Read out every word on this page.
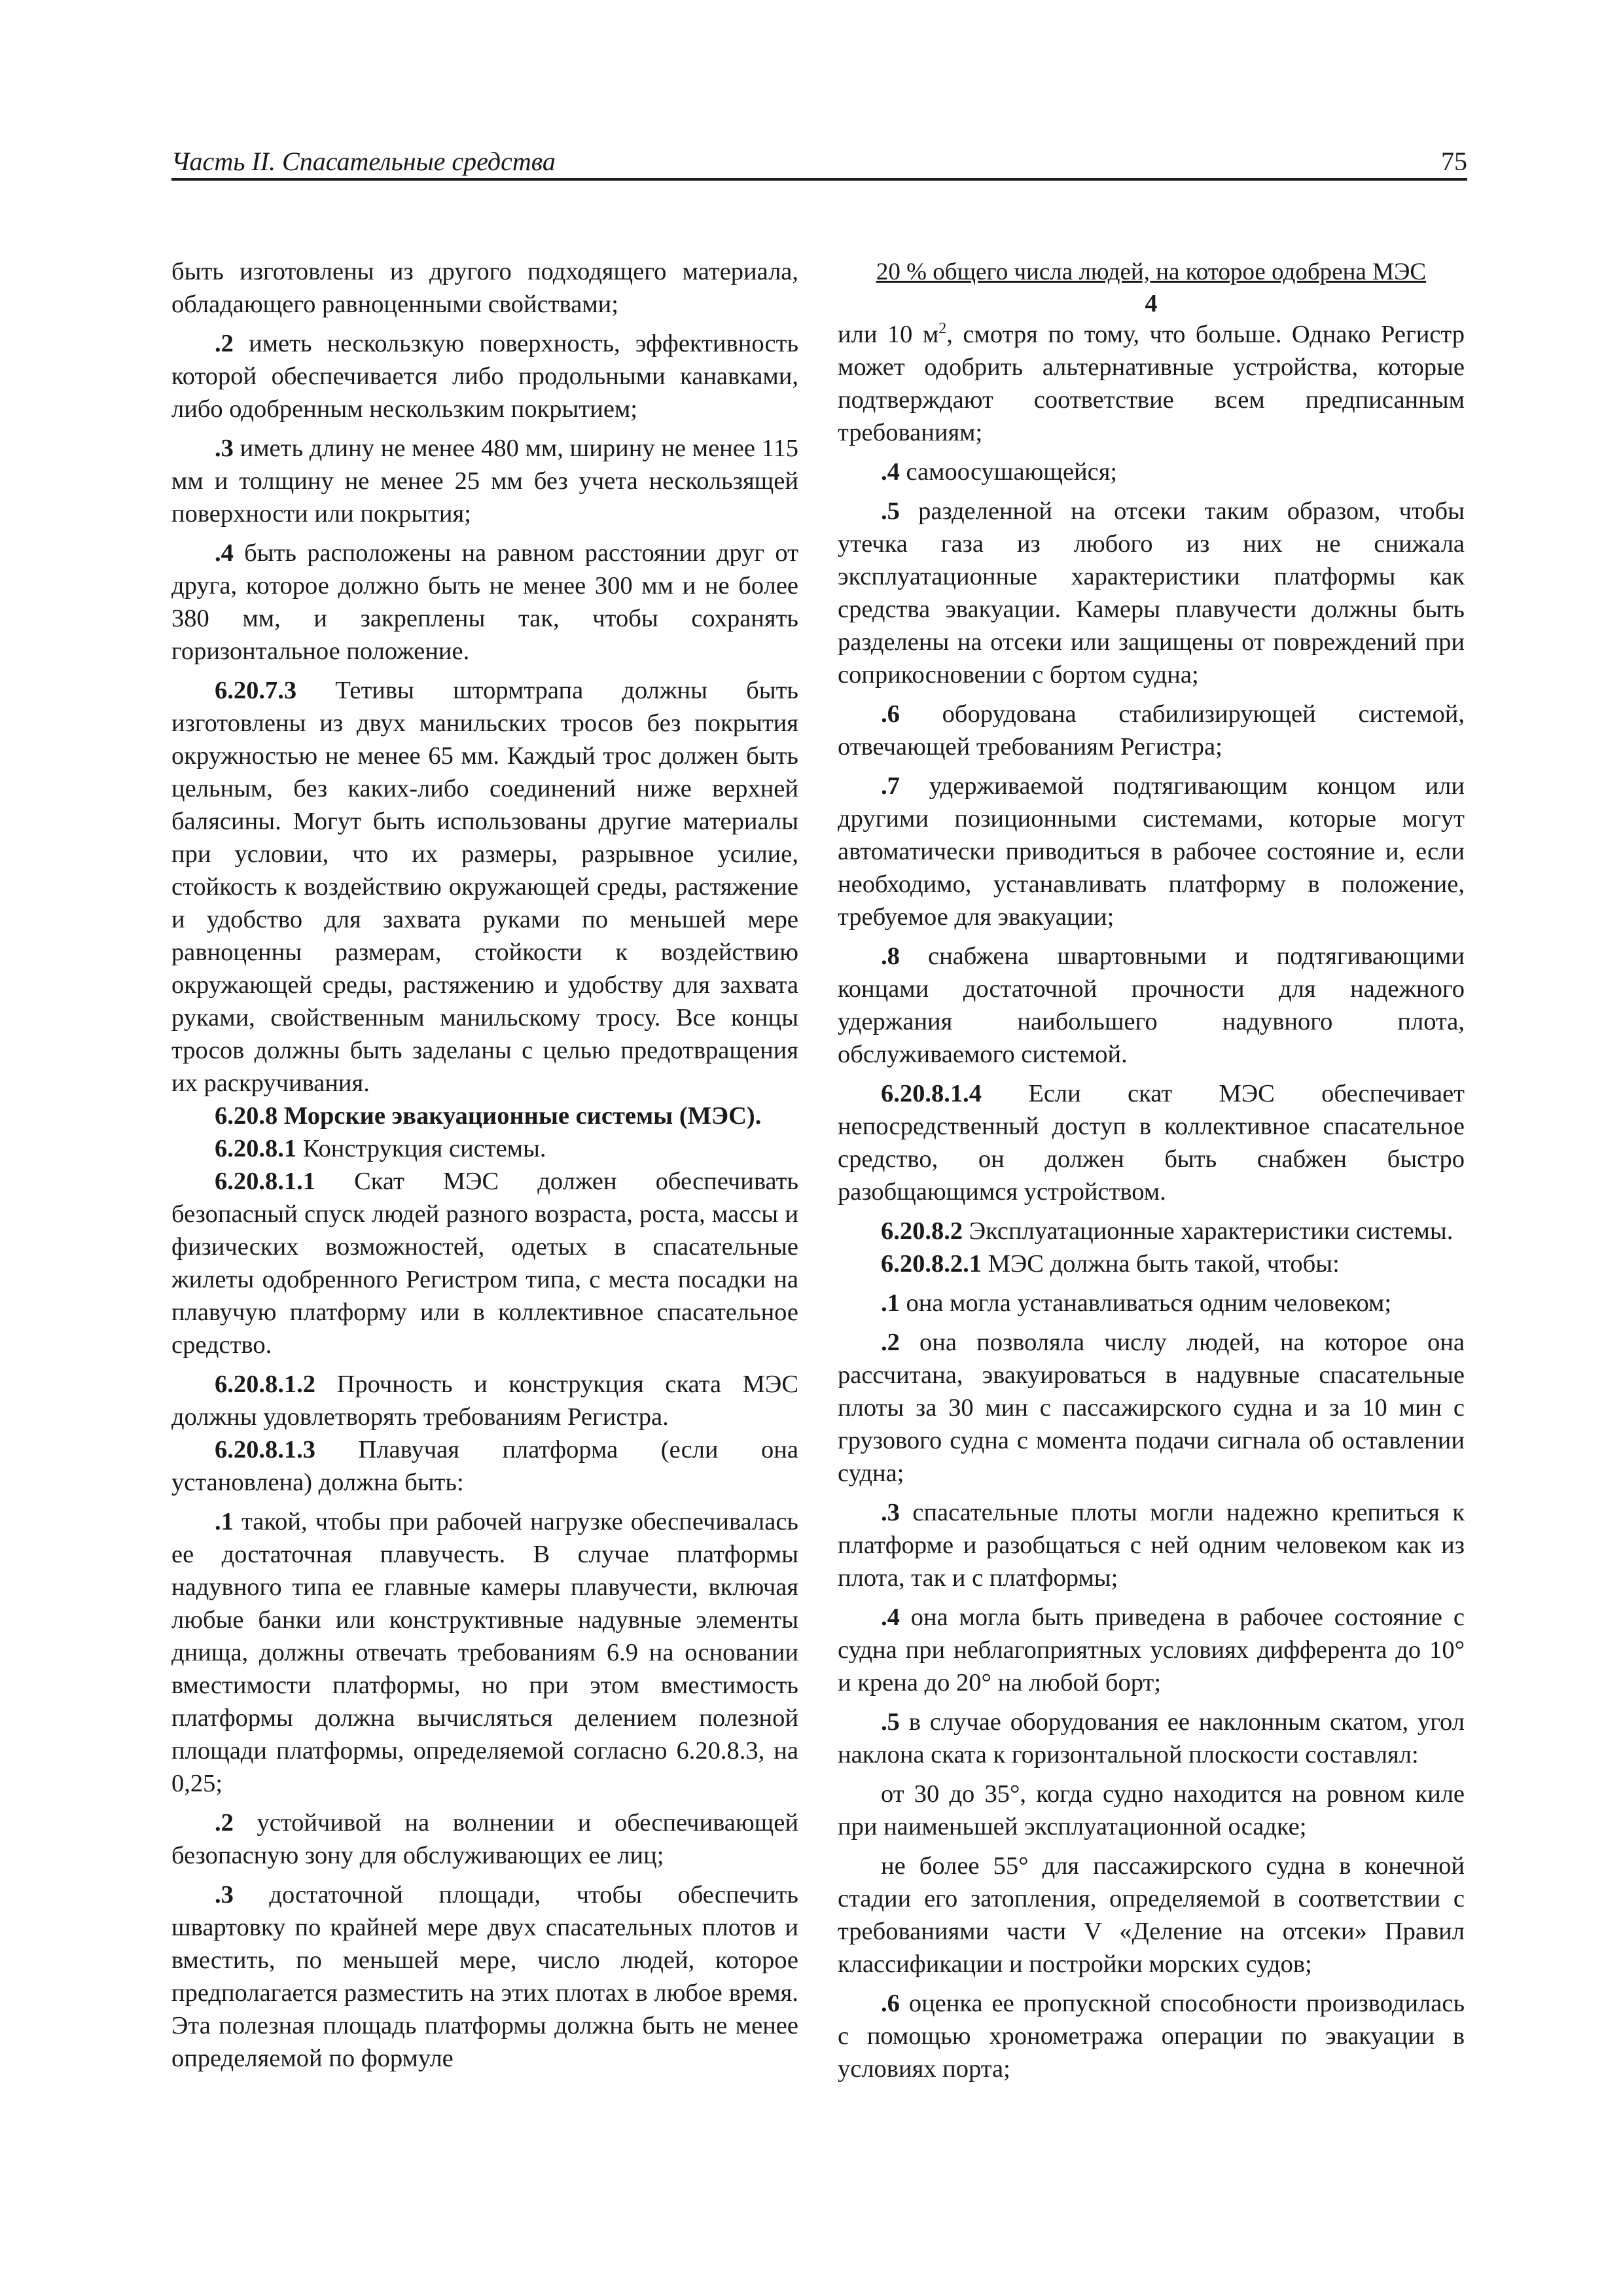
Часть II. Спасательные средства	75

быть изготовлены из другого подходящего материала, обладающего равноценными свойствами;

.2 иметь нескользкую поверхность, эффективность которой обеспечивается либо продольными канавками, либо одобренным нескользким покрытием;

.3 иметь длину не менее 480 мм, ширину не менее 115 мм и толщину не менее 25 мм без учета нескользящей поверхности или покрытия;

.4 быть расположены на равном расстоянии друг от друга, которое должно быть не менее 300 мм и не более 380 мм, и закреплены так, чтобы сохранять горизонтальное положение.

6.20.7.3 Тетивы штормтрапа должны быть изготовлены из двух манильских тросов без покрытия окружностью не менее 65 мм. Каждый трос должен быть цельным, без каких-либо соединений ниже верхней балясины. Могут быть использованы другие материалы при условии, что их размеры, разрывное усилие, стойкость к воздействию окружающей среды, растяжение и удобство для захвата руками по меньшей мере равноценны размерам, стойкости к воздействию окружающей среды, растяжению и удобству для захвата руками, свойственным манильскому тросу. Все концы тросов должны быть заделаны с целью предотвращения их раскручивания.

6.20.8 Морские эвакуационные системы (МЭС).

6.20.8.1 Конструкция системы.

6.20.8.1.1 Скат МЭС должен обеспечивать безопасный спуск людей разного возраста, роста, массы и физических возможностей, одетых в спасательные жилеты одобренного Регистром типа, с места посадки на плавучую платформу или в коллективное спасательное средство.

6.20.8.1.2 Прочность и конструкция ската МЭС должны удовлетворять требованиям Регистра.

6.20.8.1.3 Плавучая платформа (если она установлена) должна быть:

.1 такой, чтобы при рабочей нагрузке обеспечивалась ее достаточная плавучесть. В случае платформы надувного типа ее главные камеры плавучести, включая любые банки или конструктивные надувные элементы днища, должны отвечать требованиям 6.9 на основании вместимости платформы, но при этом вместимость платформы должна вычисляться делением полезной площади платформы, определяемой согласно 6.20.8.3, на 0,25;

.2 устойчивой на волнении и обеспечивающей безопасную зону для обслуживающих ее лиц;

.3 достаточной площади, чтобы обеспечить швартовку по крайней мере двух спасательных плотов и вместить, по меньшей мере, число людей, которое предполагается разместить на этих плотах в любое время. Эта полезная площадь платформы должна быть не менее определяемой по формуле

20 % общего числа людей, на которое одобрена МЭС
4

или 10 $м^2$, смотря по тому, что больше. Однако Регистр может одобрить альтернативные устройства, которые подтверждают соответствие всем предписанным требованиям;

.4 самоосушающейся;

.5 разделенной на отсеки таким образом, чтобы утечка газа из любого из них не снижала эксплуатационные характеристики платформы как средства эвакуации. Камеры плавучести должны быть разделены на отсеки или защищены от повреждений при соприкосновении с бортом судна;

.6 оборудована стабилизирующей системой, отвечающей требованиям Регистра;

.7 удерживаемой подтягивающим концом или другими позиционными системами, которые могут автоматически приводиться в рабочее состояние и, если необходимо, устанавливать платформу в положение, требуемое для эвакуации;

.8 снабжена швартовными и подтягивающими концами достаточной прочности для надежного удержания наибольшего надувного плота, обслуживаемого системой.

6.20.8.1.4 Если скат МЭС обеспечивает непосредственный доступ в коллективное спасательное средство, он должен быть снабжен быстро разобщающимся устройством.

6.20.8.2 Эксплуатационные характеристики системы.

6.20.8.2.1 МЭС должна быть такой, чтобы:

.1 она могла устанавливаться одним человеком;

.2 она позволяла числу людей, на которое она рассчитана, эвакуироваться в надувные спасательные плоты за 30 мин с пассажирского судна и за 10 мин с грузового судна с момента подачи сигнала об оставлении судна;

.3 спасательные плоты могли надежно крепиться к платформе и разобщаться с ней одним человеком как из плота, так и с платформы;

.4 она могла быть приведена в рабочее состояние с судна при неблагоприятных условиях дифферента до 10° и крена до 20° на любой борт;

.5 в случае оборудования ее наклонным скатом, угол наклона ската к горизонтальной плоскости составлял:

от 30 до 35°, когда судно находится на ровном киле при наименьшей эксплуатационной осадке;

не более 55° для пассажирского судна в конечной стадии его затопления, определяемой в соответствии с требованиями части V «Деление на отсеки» Правил классификации и постройки морских судов;

.6 оценка ее пропускной способности производилась с помощью хронометража операции по эвакуации в условиях порта;
